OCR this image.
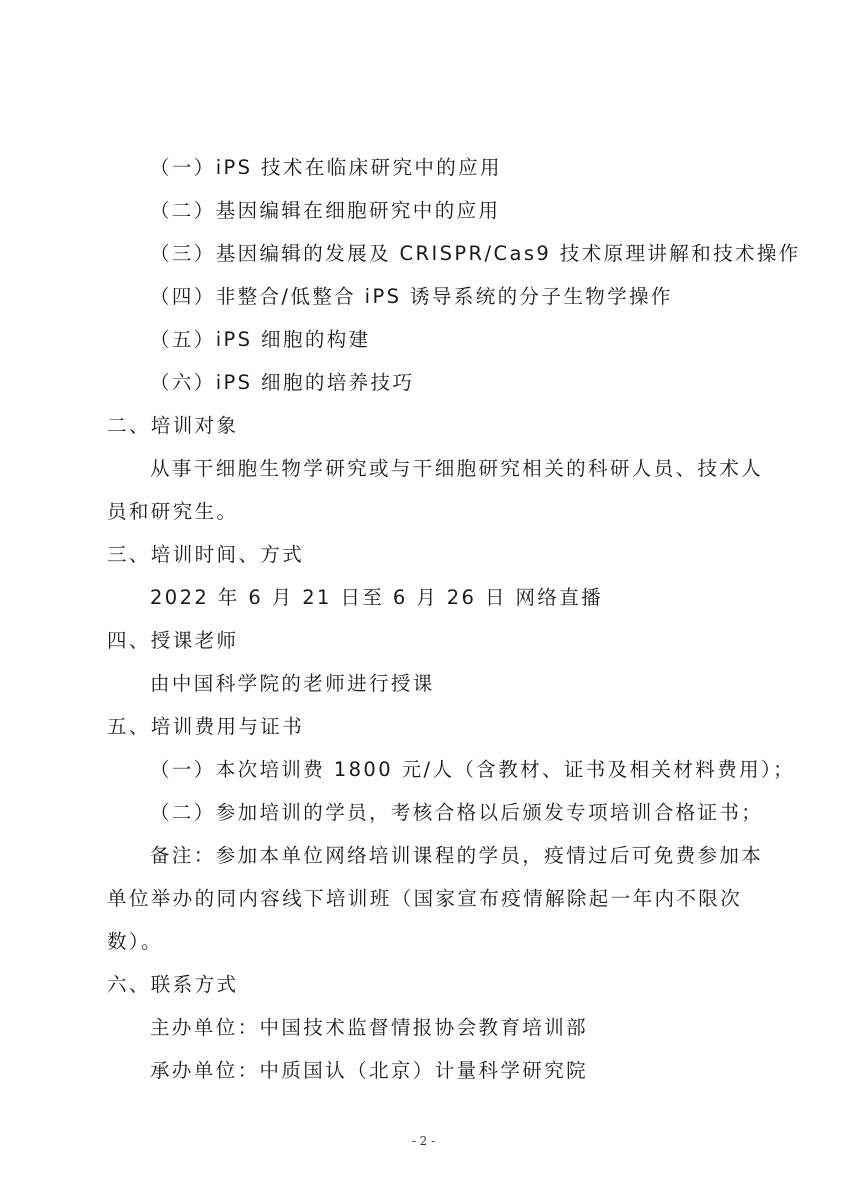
（一）iPS 技术在临床研究中的应用
（二）基因编辑在细胞研究中的应用
（三）基因编辑的发展及 CRISPR/Cas9 技术原理讲解和技术操作
（四）非整合/低整合 iPS 诱导系统的分子生物学操作
（五）iPS 细胞的构建
（六）iPS 细胞的培养技巧
二、培训对象
从事干细胞生物学研究或与干细胞研究相关的科研人员、技术人
员和研究生。
三、培训时间、方式
2022 年 6 月 21 日至 6 月 26 日 网络直播
四、授课老师
由中国科学院的老师进行授课
五、培训费用与证书
（一）本次培训费 1800 元/人（含教材、证书及相关材料费用）；
（二）参加培训的学员，考核合格以后颁发专项培训合格证书；
备注：参加本单位网络培训课程的学员，疫情过后可免费参加本
单位举办的同内容线下培训班（国家宣布疫情解除起一年内不限次
数）。
六、联系方式
主办单位：中国技术监督情报协会教育培训部
承办单位：中质国认（北京）计量科学研究院
- 2 -
